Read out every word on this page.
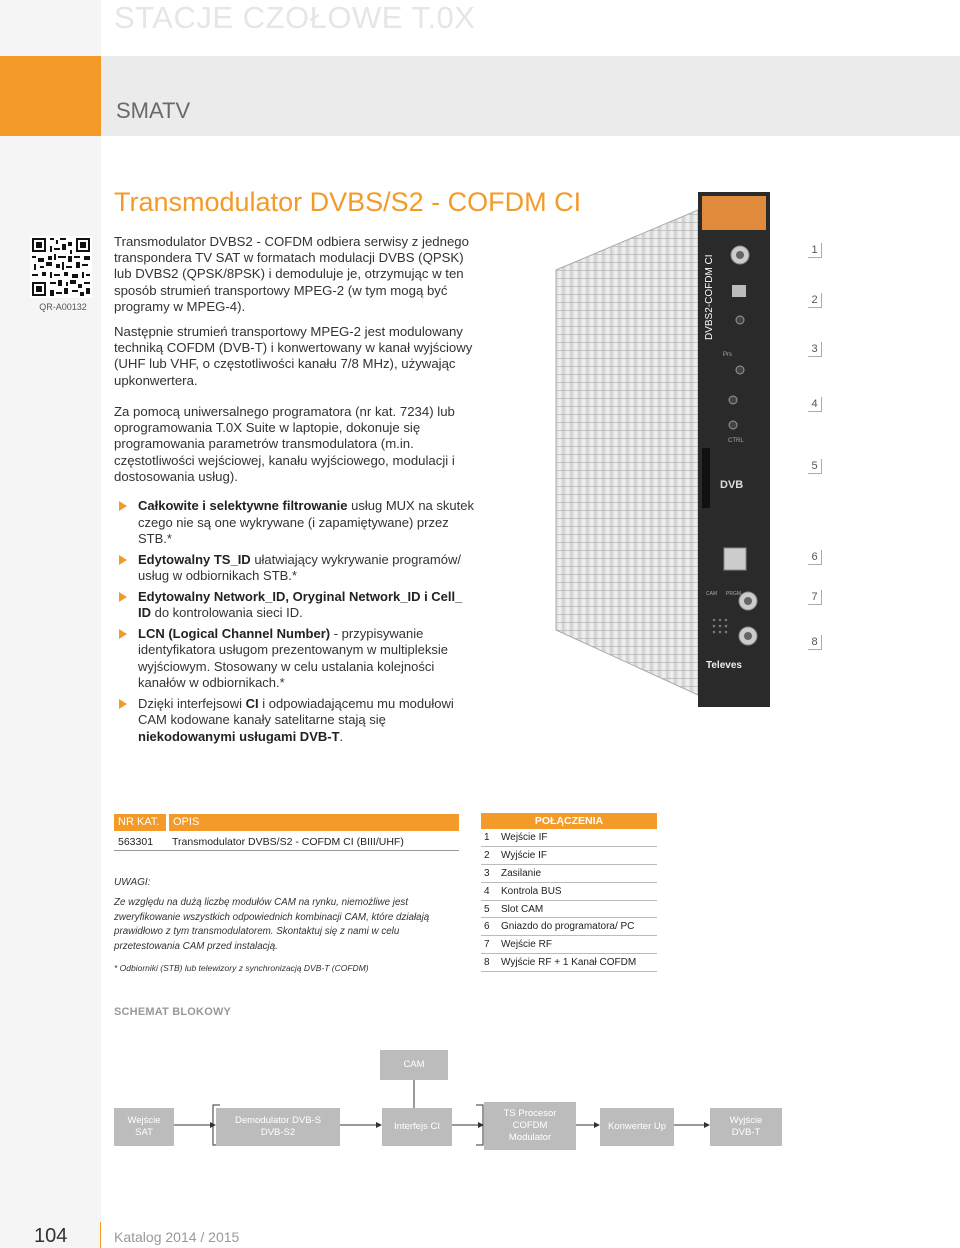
STACJE CZOŁOWE T.0X
SMATV
Transmodulator DVBS/S2 - COFDM CI
QR-A00132
Transmodulator DVBS2 - COFDM odbiera serwisy z jednego transpondera TV SAT w formatach modulacji DVBS (QPSK) lub DVBS2 (QPSK/8PSK) i demoduluje je, otrzymując w ten sposób strumień transportowy MPEG-2 (w tym mogą być programy w MPEG-4).
Następnie strumień transportowy MPEG-2 jest modulowany techniką COFDM (DVB-T) i konwertowany w kanał wyjściowy (UHF lub VHF, o częstotliwości kanału 7/8 MHz), używając upkonwertera.
Za pomocą uniwersalnego programatora (nr kat. 7234) lub oprogramowania T.0X Suite w laptopie, dokonuje się programowania parametrów transmodulatora (m.in. częstotliwości wejściowej, kanału wyjściowego, modulacji i dostosowania usług).
Całkowite i selektywne filtrowanie usług MUX na skutek czego nie są one wykrywane (i zapamiętywane) przez STB.*
Edytowalny TS_ID ułatwiający wykrywanie programów/ usług w odbiornikach STB.*
Edytowalny Network_ID, Oryginal Network_ID i Cell_ ID do kontrolowania sieci ID.
LCN (Logical Channel Number) - przypisywanie identyfikatora usługom prezentowanym w multipleksie wyjściowym. Stosowany w celu ustalania kolejności kanałów w odbiornikach.*
Dzięki interfejsowi CI i odpowiadającemu mu modułowi CAM kodowane kanały satelitarne stają się niekodowanymi usługami DVB-T.
DVBS2-COFDM CI
Prs
CTRL
DVB
CAM PRGM
Televes
1
2
3
4
5
6
7
8
NR KAT.	OPIS
563301 Transmodulator DVBS/S2 - COFDM CI (BIII/UHF)
UWAGI:
Ze względu na dużą liczbę modułów CAM na rynku, niemożliwe jest zweryfikowanie wszystkich odpowiednich kombinacji CAM, które działają prawidłowo z tym transmodulatorem. Skontaktuj się z nami w celu przetestowania CAM przed instalacją.
* Odbiorniki (STB) lub telewizory z synchronizacją DVB-T (COFDM)
POŁĄCZENIA
1	Wejście IF
2	Wyjście IF
3	Zasilanie
4	Kontrola BUS
5	Slot CAM
6	Gniazdo do programatora/ PC
7	Wejście RF
8	Wyjście RF + 1 Kanał COFDM
SCHEMAT BLOKOWY
CAM
Wejście
SAT
Demodulator DVB-S
DVB-S2
Interfejs CI
TS Procesor
COFDM
Modulator
Konwerter Up
Wyjście
DVB-T
104	Katalog 2014 / 2015
